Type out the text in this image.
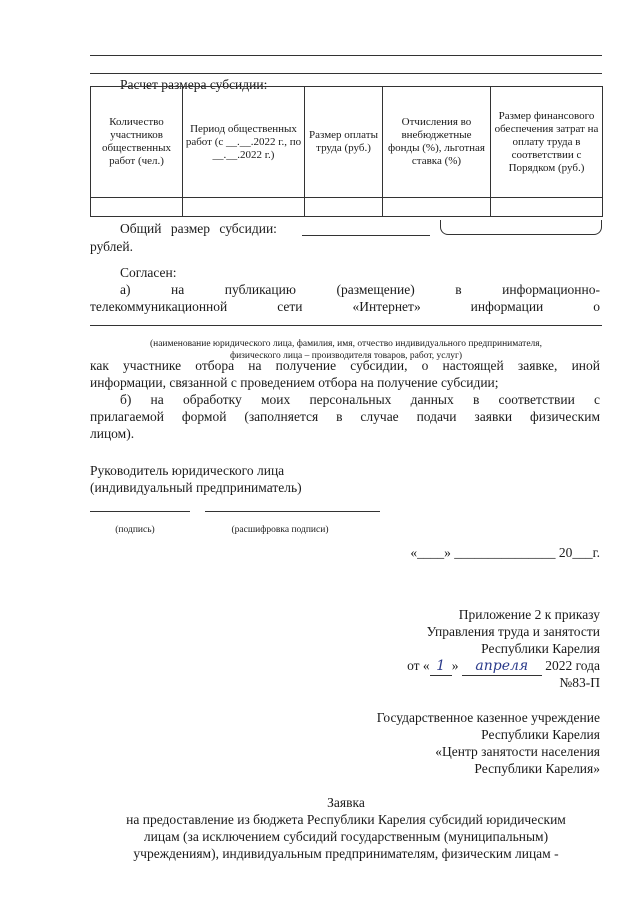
Расчет размера субсидии:

Количество участников общественных работ (чел.)	Период общественных работ (с __.__.2022 г., по __.__.2022 г.)	Размер оплаты труда (руб.)	Отчисления во внебюджетные фонды (%), льготная ставка (%)	Размер финансового обеспечения затрат на оплату труда в соответствии с Порядком (руб.)

Общий размер субсидии:

рублей.

Согласен:

а) на публикацию (размещение) в информационно-

телекоммуникационной сети «Интернет» информации о

(наименование юридического лица, фамилия, имя, отчество индивидуального предпринимателя,

физического лица – производителя товаров, работ, услуг)

как участнике отбора на получение субсидии, о настоящей заявке, иной

информации, связанной с проведением отбора на получение субсидии;

б) на обработку моих персональных данных в соответствии с

прилагаемой формой (заполняется в случае подачи заявки физическим

лицом).

Руководитель юридического лица

(индивидуальный предприниматель)

(подпись)	(расшифровка подписи)

«____» _______________ 20___г.

Приложение 2 к приказу

Управления труда и занятости

Республики Карелия

от « 1 » апреля 2022 года

№83-П

Государственное казенное учреждение

Республики Карелия

«Центр занятости населения

Республики Карелия»

Заявка

на предоставление из бюджета Республики Карелия субсидий юридическим

лицам (за исключением субсидий государственным (муниципальным)

учреждениям), индивидуальным предпринимателям, физическим лицам -
